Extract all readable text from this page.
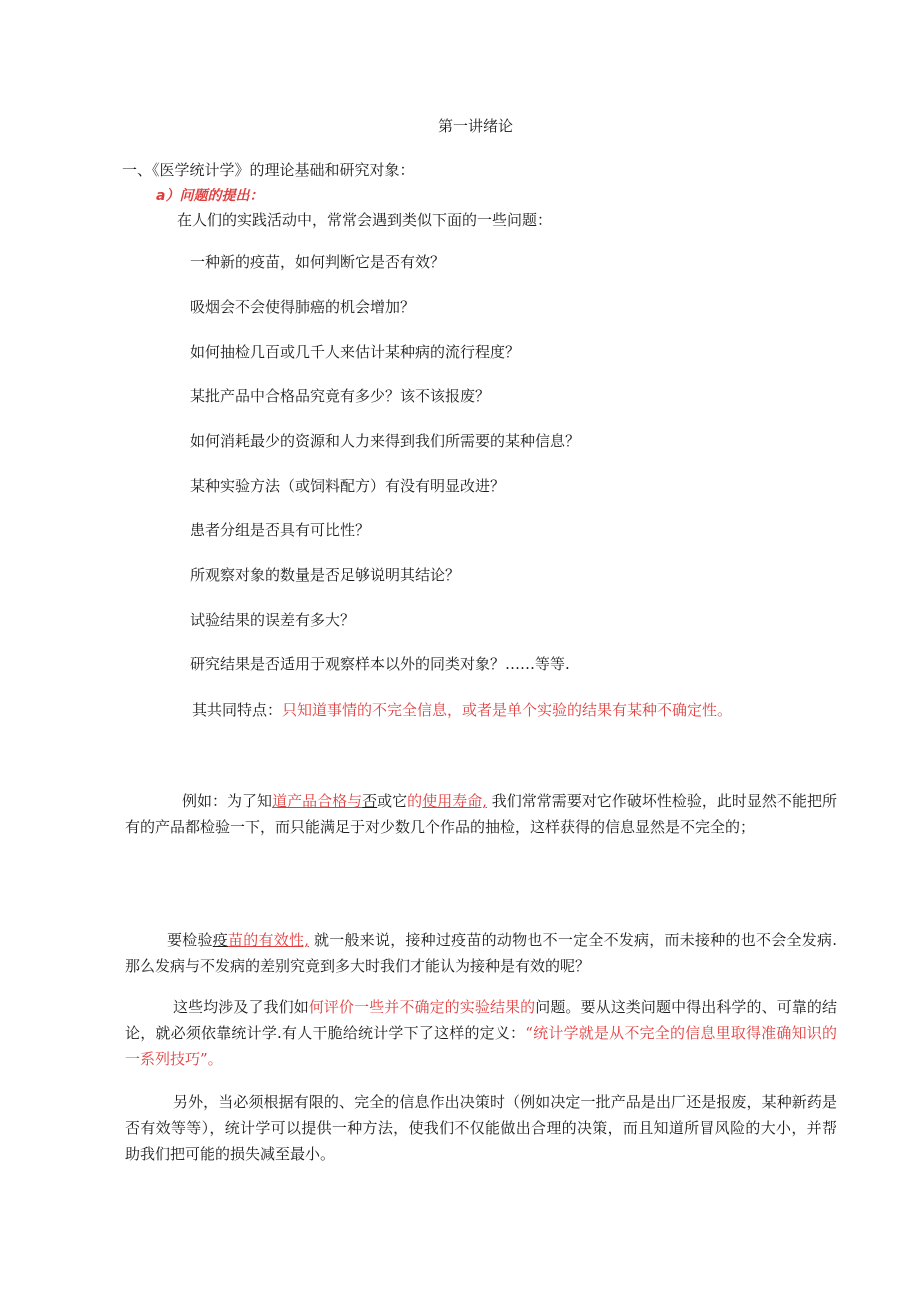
第一讲绪论
一、《医学统计学》的理论基础和研究对象：
a）问题的提出：
在人们的实践活动中，常常会遇到类似下面的一些问题：
一种新的疫苗，如何判断它是否有效？
吸烟会不会使得肺癌的机会增加？
如何抽检几百或几千人来估计某种病的流行程度？
某批产品中合格品究竟有多少？该不该报废？
如何消耗最少的资源和人力来得到我们所需要的某种信息？
某种实验方法（或饲料配方）有没有明显改进？
患者分组是否具有可比性？
所观察对象的数量是否足够说明其结论？
试验结果的误差有多大？
研究结果是否适用于观察样本以外的同类对象？……等等.
其共同特点：只知道事情的不完全信息，或者是单个实验的结果有某种不确定性。
例如：为了知道产品合格与否或它的使用寿命, 我们常常需要对它作破坏性检验，此时显然不能把所有的产品都检验一下，而只能满足于对少数几个作品的抽检，这样获得的信息显然是不完全的；
要检验疫苗的有效性, 就一般来说，接种过疫苗的动物也不一定全不发病，而未接种的也不会全发病.那么发病与不发病的差别究竟到多大时我们才能认为接种是有效的呢？
这些均涉及了我们如何评价一些并不确定的实验结果的问题。要从这类问题中得出科学的、可靠的结论，就必须依靠统计学.有人干脆给统计学下了这样的定义：“统计学就是从不完全的信息里取得准确知识的一系列技巧”。
另外，当必须根据有限的、完全的信息作出决策时（例如决定一批产品是出厂还是报废，某种新药是否有效等等），统计学可以提供一种方法，使我们不仅能做出合理的决策，而且知道所冒风险的大小，并帮助我们把可能的损失减至最小。
